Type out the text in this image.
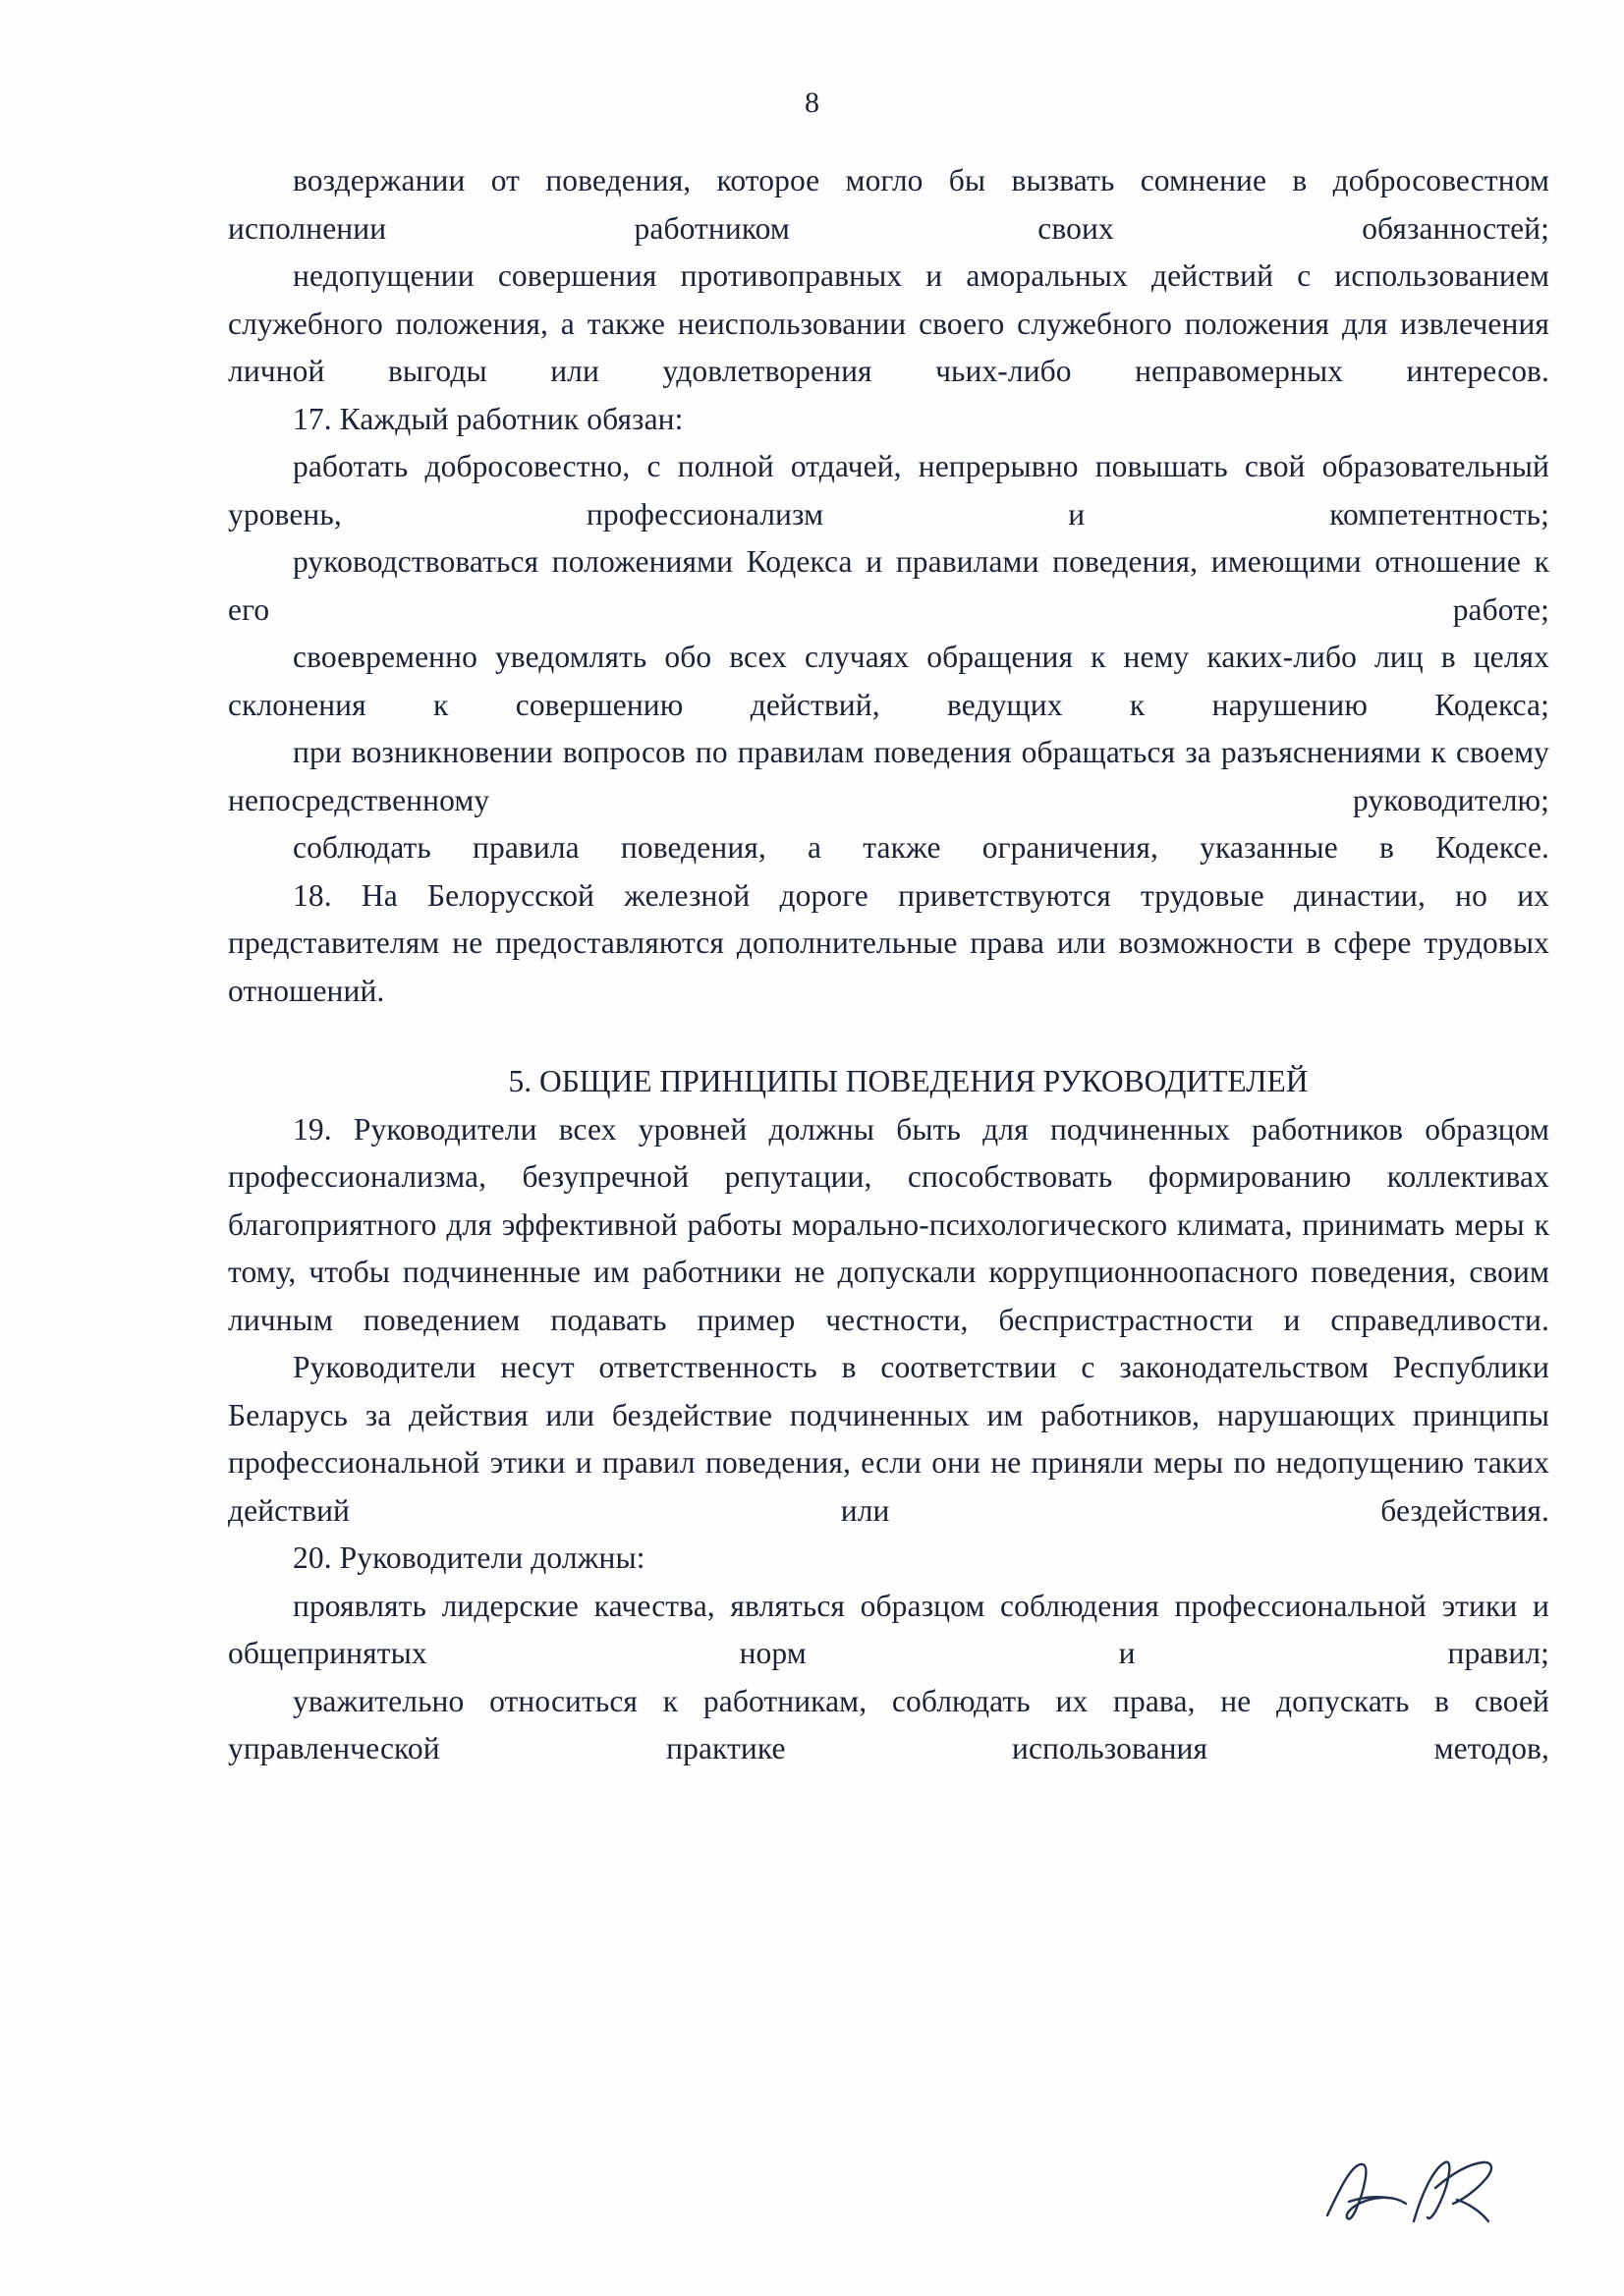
8

воздержании от поведения, которое могло бы вызвать сомнение в добросовестном исполнении работником своих обязанностей;

недопущении совершения противоправных и аморальных действий с использованием служебного положения, а также неиспользовании своего служебного положения для извлечения личной выгоды или удовлетворения чьих-либо неправомерных интересов.

17. Каждый работник обязан:

работать добросовестно, с полной отдачей, непрерывно повышать свой образовательный уровень, профессионализм и компетентность;

руководствоваться положениями Кодекса и правилами поведения, имеющими отношение к его работе;

своевременно уведомлять обо всех случаях обращения к нему каких-либо лиц в целях склонения к совершению действий, ведущих к нарушению Кодекса;

при возникновении вопросов по правилам поведения обращаться за разъяснениями к своему непосредственному руководителю;

соблюдать правила поведения, а также ограничения, указанные в Кодексе.

18. На Белорусской железной дороге приветствуются трудовые династии, но их представителям не предоставляются дополнительные права или возможности в сфере трудовых отношений.

5. ОБЩИЕ ПРИНЦИПЫ ПОВЕДЕНИЯ РУКОВОДИТЕЛЕЙ

19. Руководители всех уровней должны быть для подчиненных работников образцом профессионализма, безупречной репутации, способствовать формированию коллективах благоприятного для эффективной работы морально-психологического климата, принимать меры к тому, чтобы подчиненные им работники не допускали коррупционноопасного поведения, своим личным поведением подавать пример честности, беспристрастности и справедливости.

Руководители несут ответственность в соответствии с законодательством Республики Беларусь за действия или бездействие подчиненных им работников, нарушающих принципы профессиональной этики и правил поведения, если они не приняли меры по недопущению таких действий или бездействия.

20. Руководители должны:

проявлять лидерские качества, являться образцом соблюдения профессиональной этики и общепринятых норм и правил;

уважительно относиться к работникам, соблюдать их права, не допускать в своей управленческой практике использования методов,
